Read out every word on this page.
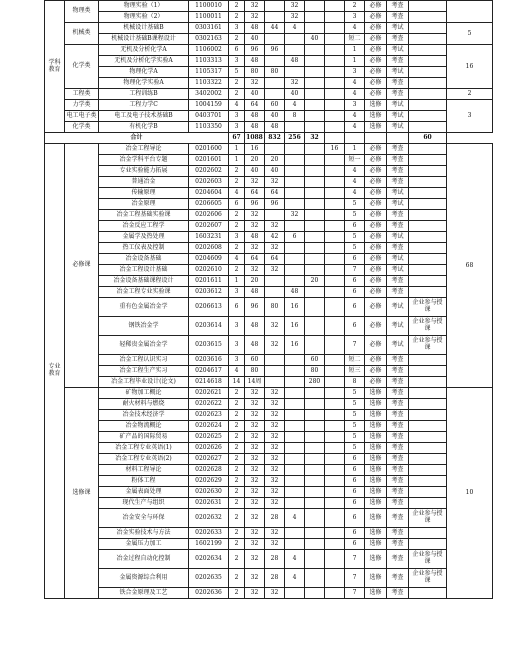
学科教育	物理类	物理实验（1）	1100010	2	32		32			2	必修	考查		
		物理实验（2）	1100011	2	32		32			3	必修	考查		
	机械类	机械设计基础B	0303161	3	48	44	4			4	必修	考试		5
		机械设计基础B课程设计	0302163	2	40			40		短二	必修	考查		
	化学类	无机及分析化学A	1106002	6	96	96				1	必修	考试		16
		无机及分析化学实验A	1103313	3	48		48			1	必修	考查		
		物理化学A	1105317	5	80	80				3	必修	考试		
		物理化学实验A	1103322	2	32		32			4	必修	考查		
	工程类	工程训练B	3402002	2	40		40			4	必修	考查		2
	力学类	工程力学C	1004159	4	64	60	4			3	选修	考试		3
	电工电子类	电工及电子技术基础B	0403701	3	48	40	8			4	选修	考试		
	化学类	有机化学B	1103350	3	48	48				4	选修	考试		
合计				67	1088	832	256	32					60	
专业教育	必修课	冶金工程导论	0201600	1	16				16	1	必修	考查		68
		冶金学科平台专题	0201601	1	20	20				短一	必修	考查		
		专业实验能力拓展	0202602	2	40	40				4	必修	考查		
		普通冶金	0202603	2	32	32				4	必修	考查		
		传输原理	0204604	4	64	64				4	必修	考试		
		冶金原理	0206605	6	96	96				5	必修	考试		
		冶金工程基础实验课	0202606	2	32		32			5	必修	考查		
		冶金反应工程学	0202607	2	32	32				6	必修	考查		
		金属学及热处理	1603231	3	48	42	6			5	必修	考试		
		热工仪表及控制	0202608	2	32	32				5	必修	考查		
		冶金设备基础	0204609	4	64	64				6	必修	考试		
		冶金工程设计基础	0202610	2	32	32				7	必修	考试		
		冶金设备基础课程设计	0201611	1	20			20		6	必修	考查		
		冶金工程专业实验课	0203612	3	48		48			6	必修	考查		
		重有色金属冶金学	0206613	6	96	80	16			6	必修	考试	企业参与授课	
		钢铁冶金学	0203614	3	48	32	16			6	必修	考试	企业参与授课	
		轻稀贵金属冶金学	0203615	3	48	32	16			7	必修	考试	企业参与授课	
		冶金工程认识实习	0203616	3	60			60		短二	必修	考查		
		冶金工程生产实习	0204617	4	80			80		短三	必修	考查		
		冶金工程毕业设计(论文)	0214618	14	14周			280		8	必修	考查		
	选修课	矿物加工概论	0202621	2	32	32				5	选修	考查		10
		耐火材料与燃烧	0202622	2	32	32				5	选修	考查		
		冶金技术经济学	0202623	2	32	32				5	选修	考查		
		冶金物流概论	0202624	2	32	32				5	选修	考查		
		矿产品的国际贸易	0202625	2	32	32				5	选修	考查		
		冶金工程专业英语(1)	0202626	2	32	32				5	选修	考查		
		冶金工程专业英语(2)	0202627	2	32	32				6	选修	考查		
		材料工程导论	0202628	2	32	32				6	选修	考查		
		粉体工程	0202629	2	32	32				6	选修	考查		
		金属表面处理	0202630	2	32	32				6	选修	考查		
		现代生产与组织	0202631	2	32	32				6	选修	考查		
		冶金安全与环保	0202632	2	32	28	4			6	选修	考查	企业参与授课	
		冶金实验技术与方法	0202633	2	32	32				6	选修	考查		
		金属压力加工	1602199	2	32	32				6	选修	考查		
		冶金过程自动化控制	0202634	2	32	28	4			7	选修	考查	企业参与授课	
		金属资源综合利用	0202635	2	32	28	4			7	选修	考查	企业参与授课	
		铁合金原理及工艺	0202636	2	32	32				7	选修	考查		
